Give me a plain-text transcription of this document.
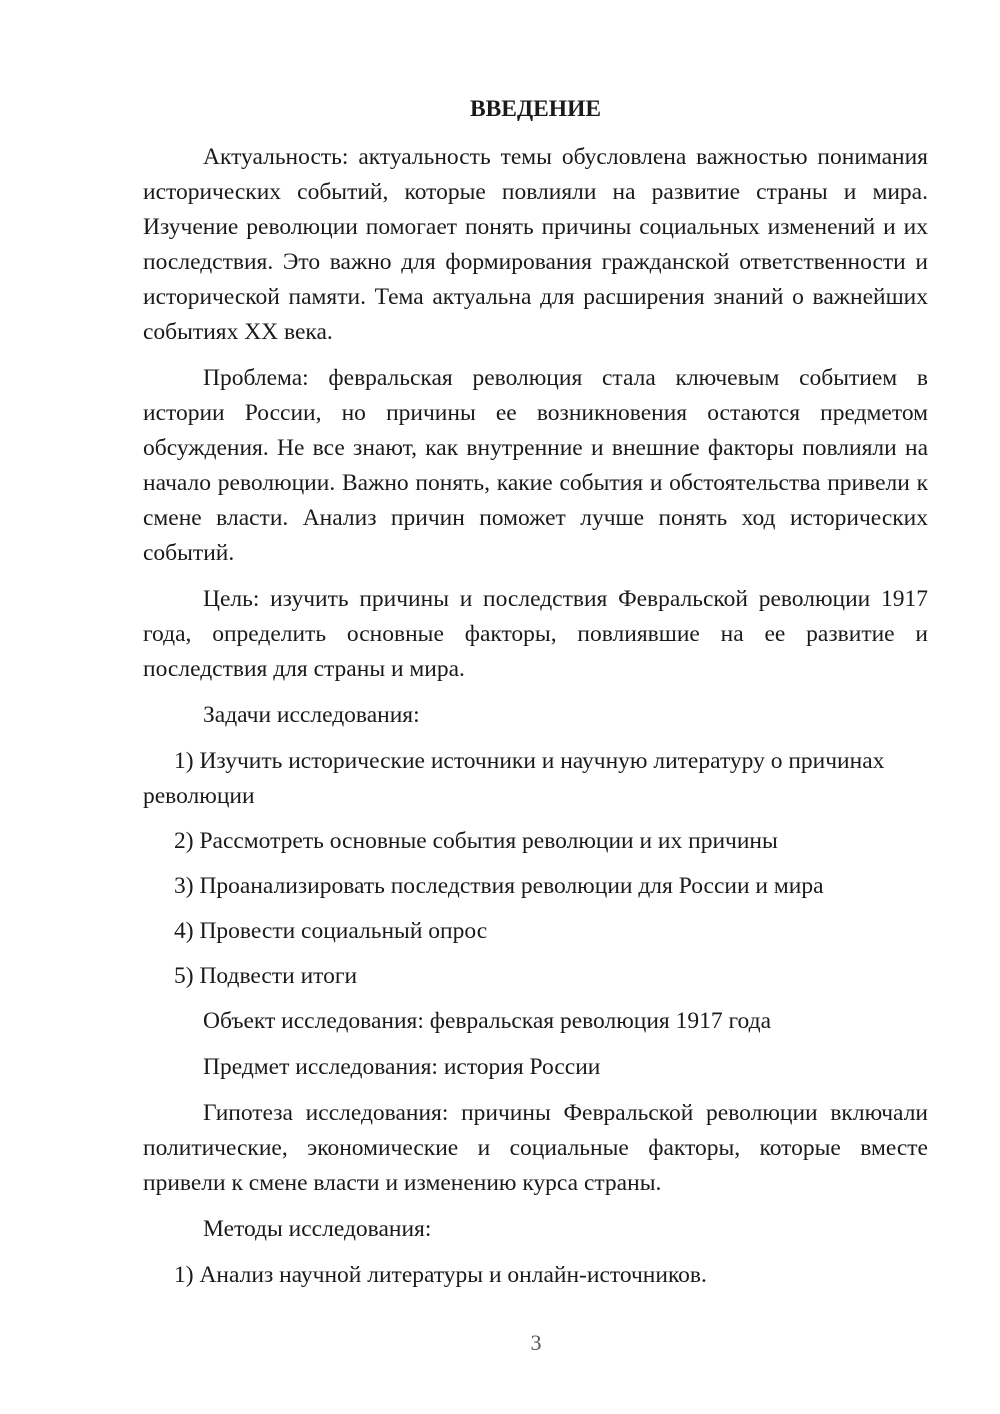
ВВЕДЕНИЕ
Актуальность: актуальность темы обусловлена важностью понимания исторических событий, которые повлияли на развитие страны и мира. Изучение революции помогает понять причины социальных изменений и их последствия. Это важно для формирования гражданской ответственности и исторической памяти. Тема актуальна для расширения знаний о важнейших событиях XX века.
Проблема: февральская революция стала ключевым событием в истории России, но причины ее возникновения остаются предметом обсуждения. Не все знают, как внутренние и внешние факторы повлияли на начало революции. Важно понять, какие события и обстоятельства привели к смене власти. Анализ причин поможет лучше понять ход исторических событий.
Цель: изучить причины и последствия Февральской революции 1917 года, определить основные факторы, повлиявшие на ее развитие и последствия для страны и мира.
Задачи исследования:
1) Изучить исторические источники и научную литературу о причинах революции
2) Рассмотреть основные события революции и их причины
3) Проанализировать последствия революции для России и мира
4) Провести социальный опрос
5) Подвести итоги
Объект исследования: февральская революция 1917 года
Предмет исследования: история России
Гипотеза исследования: причины Февральской революции включали политические, экономические и социальные факторы, которые вместе привели к смене власти и изменению курса страны.
Методы исследования:
1) Анализ научной литературы и онлайн-источников.
3
